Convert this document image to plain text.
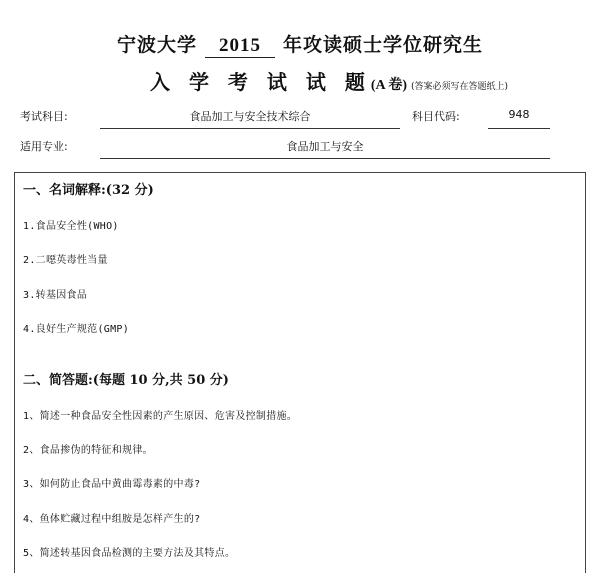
宁波大学 2015 年攻读硕士学位研究生
入 学 考 试 试 题(A 卷) (答案必须写在答题纸上)
考试科目:	食品加工与安全技术综合	科目代码:	948
适用专业:	食品加工与安全
一、名词解释:(32 分)
1.食品安全性(WHO)
2.二噁英毒性当量
3.转基因食品
4.良好生产规范(GMP)
二、简答题:(每题 10 分,共 50 分)
1、简述一种食品安全性因素的产生原因、危害及控制措施。
2、食品掺伪的特征和规律。
3、如何防止食品中黄曲霉毒素的中毒?
4、鱼体贮藏过程中组胺是怎样产生的?
5、简述转基因食品检测的主要方法及其特点。
